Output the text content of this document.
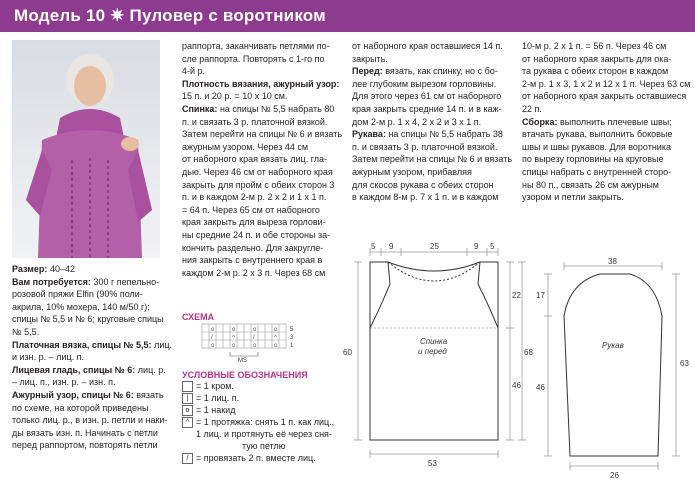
Модель 10 ✷ Пуловер с воротником

Размер: 40–42

Вам потребуется: 300 г пепельно-

розовой пряжи Elfin (90% поли-

акрила, 10% мохера, 140 м/50 г);

спицы № 5,5 и № 6; круговые спицы

№ 5,5.

Платочная вязка, спицы № 5,5: лиц.

и изн. р. – лиц. п.

Лицевая гладь, спицы № 6: лиц. р.

– лиц. п., изн. р. – изн. п.

Ажурный узор, спицы № 6: вязать

по схеме, на которой приведены

только лиц. р., в изн. р. петли и наки-

ды вязать изн. п. Начинать с петли

перед раппортом, повторять петли

раппорта, заканчивать петлями по-

сле раппорта. Повторять с 1-го по

4-й р.

Плотность вязания, ажурный узор:

15 п. и 20 р. = 10 х 10 см.

Спинка: на спицы № 5,5 набрать 80

п. и связать 3 р. платочной вязкой.

Затем перейти на спицы № 6 и вязать

ажурным узором. Через 44 см

от наборного края вязать лиц. гла-

дью. Через 46 см от наборного края

закрыть для пройм с обеих сторон 3

п. и в каждом 2-м р. 2 х 2 и 1 х 1 п.

= 64 п. Через 65 см от наборного

края закрыть для выреза горлови-

ны средние 24 п. и обе стороны за-

кончить раздельно. Для закругле-

ния закрыть с внутреннего края в

каждом 2-м р. 2 х 3 п. Через 68 см

СХЕМА
o	o	o	o
/	^	/	^
o	o	o	o
MS
5
3
1
УСЛОВНЫЕ ОБОЗНАЧЕНИЯ
= 1 кром.
| = 1 лиц. п.
o = 1 накид
^ = 1 протяжка: снять 1 п. как лиц.,
1 лиц. и протянуть её через сня-
тую петлю
/ = провязать 2 п. вместе лиц.

от наборного края оставшиеся 14 п.

закрыть.

Перед: вязать, как спинку, но с бо-

лее глубоким вырезом горловины.

Для этого через 61 см от наборного

края закрыть средние 14 п. и в каж-

дом 2-м р. 1 х 4, 2 х 2 и 3 х 1 п.

Рукава: на спицы № 5,5 набрать 38

п. и связать 3 р. платочной вязкой.

Затем перейти на спицы № 6 и вязать

ажурным узором, прибавляя

для скосов рукава с обеих сторон

в каждом 8-м р. 7 х 1 п. и в каждом

10-м р. 2 х 1 п. = 56 п. Через 46 см

от наборного края закрыть для ока-

та рукава с обеих сторон в каждом

2-м р. 1 х 3, 1 х 2 и 12 х 1 п. Через 63 см

от наборного края закрыть оставшиеся

22 п.

Сборка: выполнить плечевые швы;

втачать рукава, выполнить боковые

швы и швы рукавов. Для воротника

по вырезу горловины на круговые

спицы набрать с внутренней сторо-

ны 80 п., связать 26 см ажурным

узором и петли закрыть.

5 9	25	9 5
60
22
68
46
53
Спинка
и перед
38
17
46
63
26
Рукав
